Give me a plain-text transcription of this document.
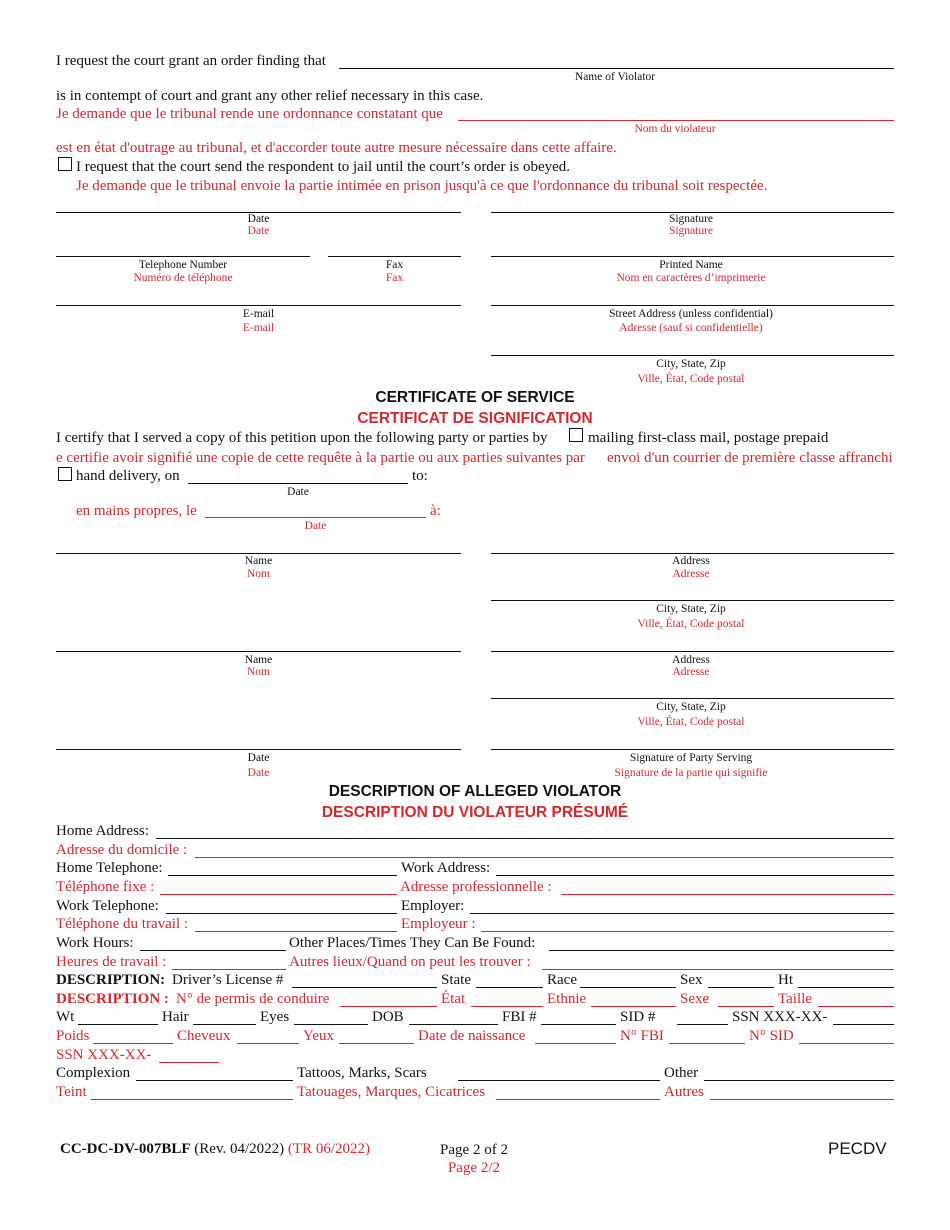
I request the court grant an order finding that
Name of Violator
is in contempt of court and grant any other relief necessary in this case.
Je demande que le tribunal rende une ordonnance constatant que
Nom du violateur
est en état d'outrage au tribunal, et d'accorder toute autre mesure nécessaire dans cette affaire.
I request that the court send the respondent to jail until the court’s order is obeyed.
Je demande que le tribunal envoie la partie intimée en prison jusqu'à ce que l'ordonnance du tribunal soit respectée.
Date
Date
Signature
Signature
Telephone Number
Numéro de téléphone
Fax
Fax
Printed Name
Nom en caractères d’imprimerie
E-mail
E-mail
Street Address (unless confidential)
Adresse (sauf si confidentielle)
City, State, Zip
Ville, État, Code postal
CERTIFICATE OF SERVICE
CERTIFICAT DE SIGNIFICATION
I certify that I served a copy of this petition upon the following party or parties by	mailing first-class mail, postage prepaid
e certifie avoir signifié une copie de cette requête à la partie ou aux parties suivantes par envoi d'un courrier de première classe affranchi
hand delivery, on	to:
Date
en mains propres, le	à:
Date
Name
Nom
Address
Adresse
City, State, Zip
Ville, État, Code postal
Name
Nom
Address
Adresse
City, State, Zip
Ville, État, Code postal
Date
Date
Signature of Party Serving
Signature de la partie qui signifie
DESCRIPTION OF ALLEGED VIOLATOR
DESCRIPTION DU VIOLATEUR PRÉSUMÉ
Home Address:
Adresse du domicile :
Home Telephone:	Work Address:
Téléphone fixe :	Adresse professionnelle :
Work Telephone:	Employer:
Téléphone du travail :	Employeur :
Work Hours:	Other Places/Times They Can Be Found:
Heures de travail :	Autres lieux/Quand on peut les trouver :
DESCRIPTION: Driver’s License #	State	Race	Sex	Ht
DESCRIPTION : N° de permis de conduire	État	Ethnie	Sexe	Taille
Wt	Hair	Eyes	DOB	FBI #	SID #	SSN XXX-XX-
Poids	Cheveux	Yeux	Date de naissance	N° FBI	N° SID
SSN XXX-XX-
Complexion	Tattoos, Marks, Scars	Other
Teint	Tatouages, Marques, Cicatrices	Autres
CC-DC-DV-007BLF (Rev. 04/2022) (TR 06/2022)	Page 2 of 2
Page 2/2
PECDV
